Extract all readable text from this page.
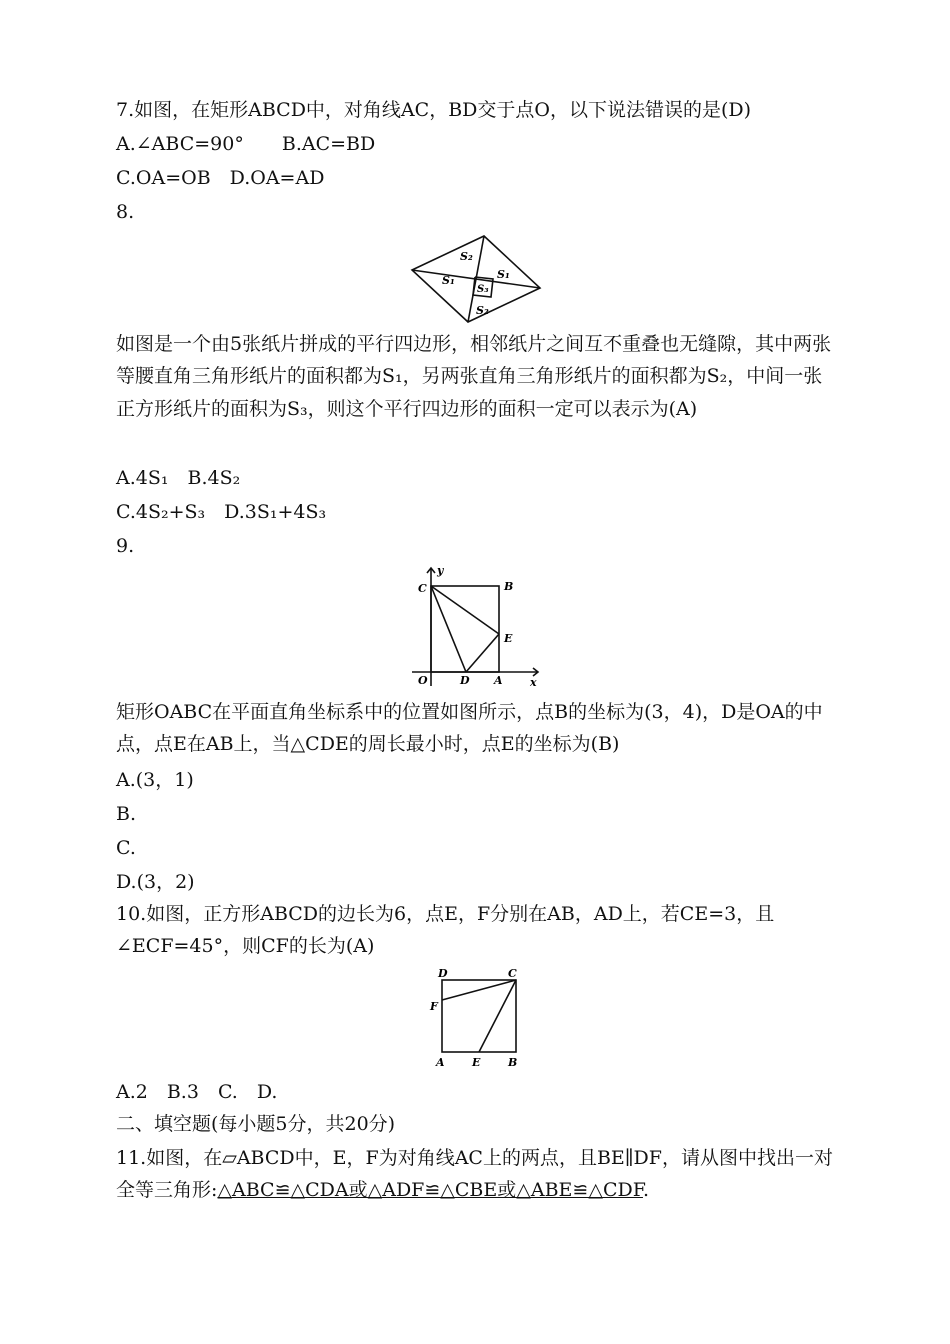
7.如图，在矩形ABCD中，对角线AC，BD交于点O，以下说法错误的是(D)
A.∠ABC=90°　　B.AC=BD
C.OA=OB　D.OA=AD
8.
S₂
S₁
S₃
S₁
S₂
如图是一个由5张纸片拼成的平行四边形，相邻纸片之间互不重叠也无缝隙，其中两张等腰直角三角形纸片的面积都为S₁，另两张直角三角形纸片的面积都为S₂，中间一张正方形纸片的面积为S₃，则这个平行四边形的面积一定可以表示为(A)
A.4S₁　B.4S₂
C.4S₂+S₃　D.3S₁+4S₃
9.
y
x
C	B
E
O	D A
矩形OABC在平面直角坐标系中的位置如图所示，点B的坐标为(3，4)，D是OA的中点，点E在AB上，当△CDE的周长最小时，点E的坐标为(B)
A.(3，1)
B.
C.
D.(3，2)
10.如图，正方形ABCD的边长为6，点E，F分别在AB，AD上，若CE=3，且∠ECF=45°，则CF的长为(A)
D	C
F
A E	B
A.2　B.3　C.　D.
二、填空题(每小题5分，共20分)
11.如图，在▱ABCD中，E，F为对角线AC上的两点，且BE∥DF，请从图中找出一对全等三角形:△ABC≌△CDA或△ADF≌△CBE或△ABE≌△CDF.
